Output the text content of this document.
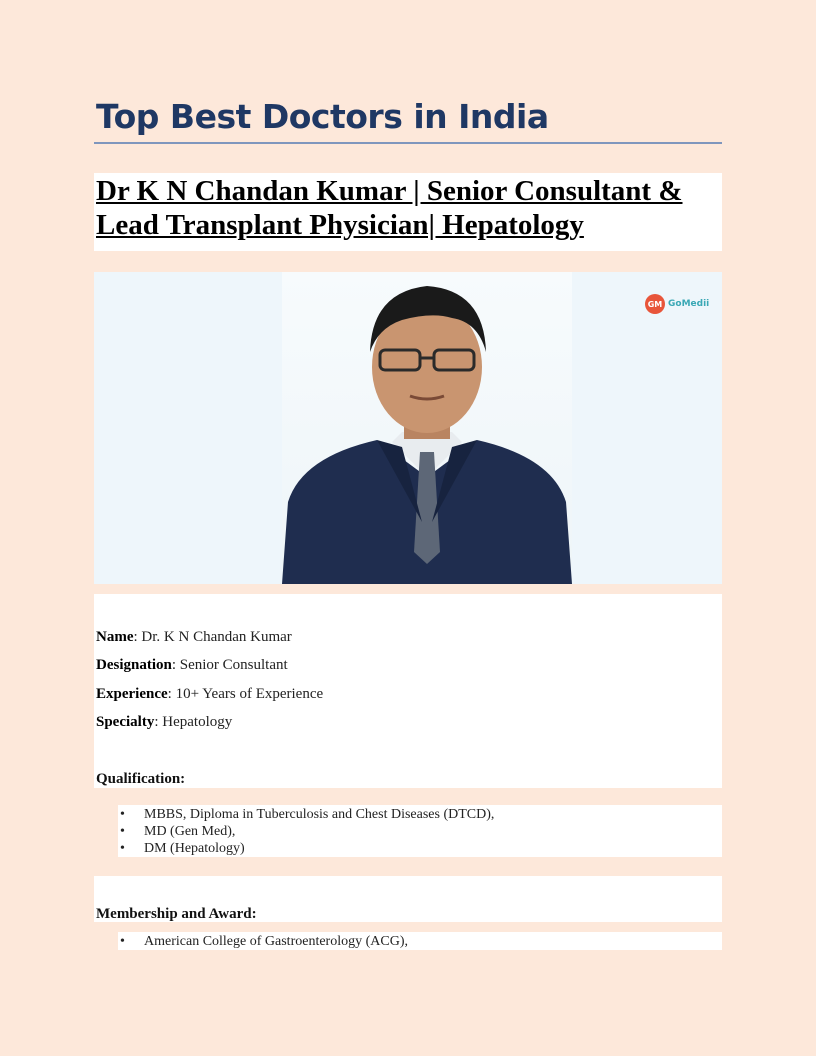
Top Best Doctors in India
Dr K N Chandan Kumar | Senior Consultant & Lead Transplant Physician| Hepatology
GM GoMedii
Name: Dr. K N Chandan Kumar
Designation: Senior Consultant
Experience: 10+ Years of Experience
Specialty: Hepatology
Qualification:
• MBBS, Diploma in Tuberculosis and Chest Diseases (DTCD),
• MD (Gen Med),
• DM (Hepatology)
Membership and Award:
• American College of Gastroenterology (ACG),
